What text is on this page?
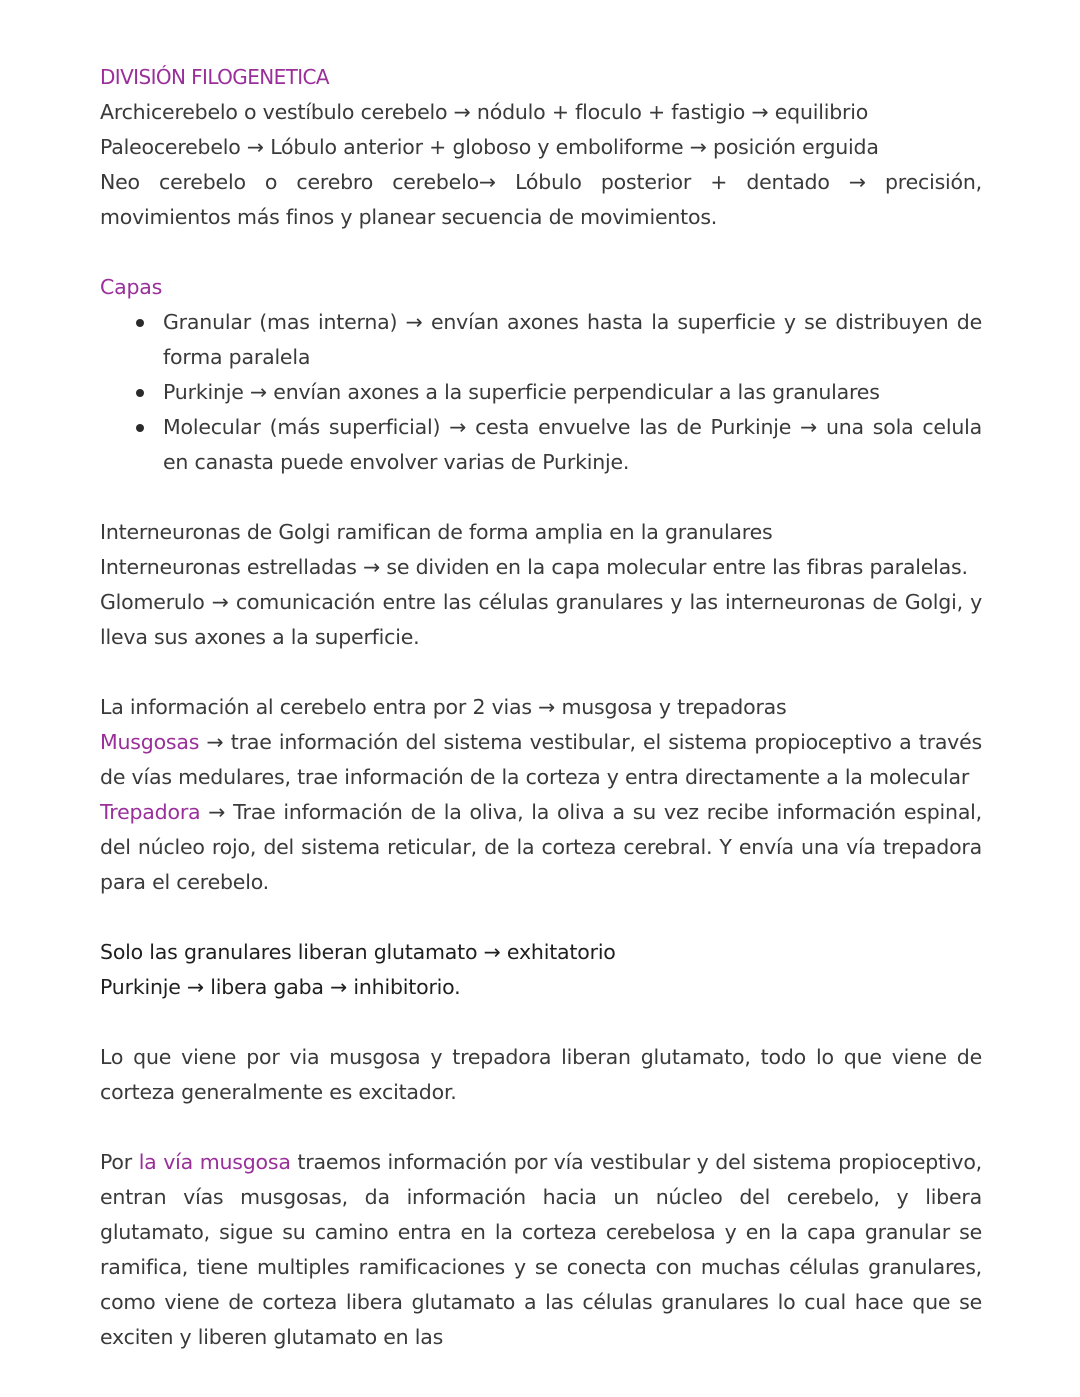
DIVISIÓN FILOGENETICA
Archicerebelo o vestíbulo cerebelo → nódulo + floculo + fastigio → equilibrio
Paleocerebelo → Lóbulo anterior + globoso y emboliforme → posición erguida
Neo cerebelo o cerebro cerebelo→ Lóbulo posterior + dentado → precisión, movimientos más finos y planear secuencia de movimientos.
Capas
Granular (mas interna) → envían axones hasta la superficie y se distribuyen de forma paralela
Purkinje → envían axones a la superficie perpendicular a las granulares
Molecular (más superficial) → cesta envuelve las de Purkinje → una sola celula en canasta puede envolver varias de Purkinje.
Interneuronas de Golgi ramifican de forma amplia en la granulares
Interneuronas estrelladas → se dividen en la capa molecular entre las fibras paralelas.
Glomerulo → comunicación entre las células granulares y las interneuronas de Golgi, y lleva sus axones a la superficie.
La información al cerebelo entra por 2 vias → musgosa y trepadoras
Musgosas → trae información del sistema vestibular, el sistema propioceptivo a través de vías medulares, trae información de la corteza y entra directamente a la molecular
Trepadora → Trae información de la oliva, la oliva a su vez recibe información espinal, del núcleo rojo, del sistema reticular, de la corteza cerebral. Y envía una vía trepadora para el cerebelo.
Solo las granulares liberan glutamato → exhitatorio
Purkinje → libera gaba → inhibitorio.
Lo que viene por via musgosa y trepadora liberan glutamato, todo lo que viene de corteza generalmente es excitador.
Por la vía musgosa traemos información por vía vestibular y del sistema propioceptivo, entran vías musgosas, da información hacia un núcleo del cerebelo, y libera glutamato, sigue su camino entra en la corteza cerebelosa y en la capa granular se ramifica, tiene multiples ramificaciones y se conecta con muchas células granulares, como viene de corteza libera glutamato a las células granulares lo cual hace que se exciten y liberen glutamato en las
